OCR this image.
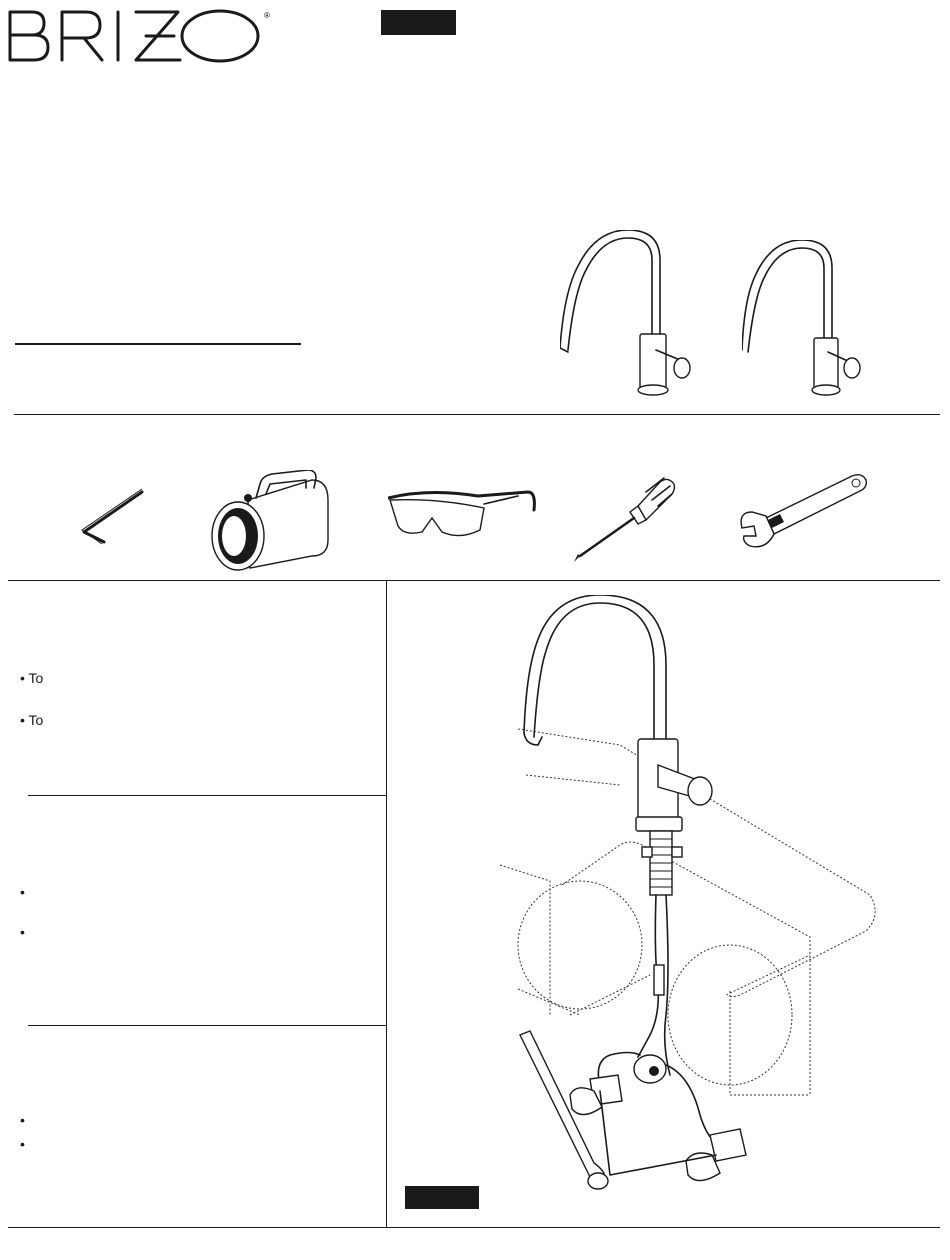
®
• To
• To
•
•
•
•
